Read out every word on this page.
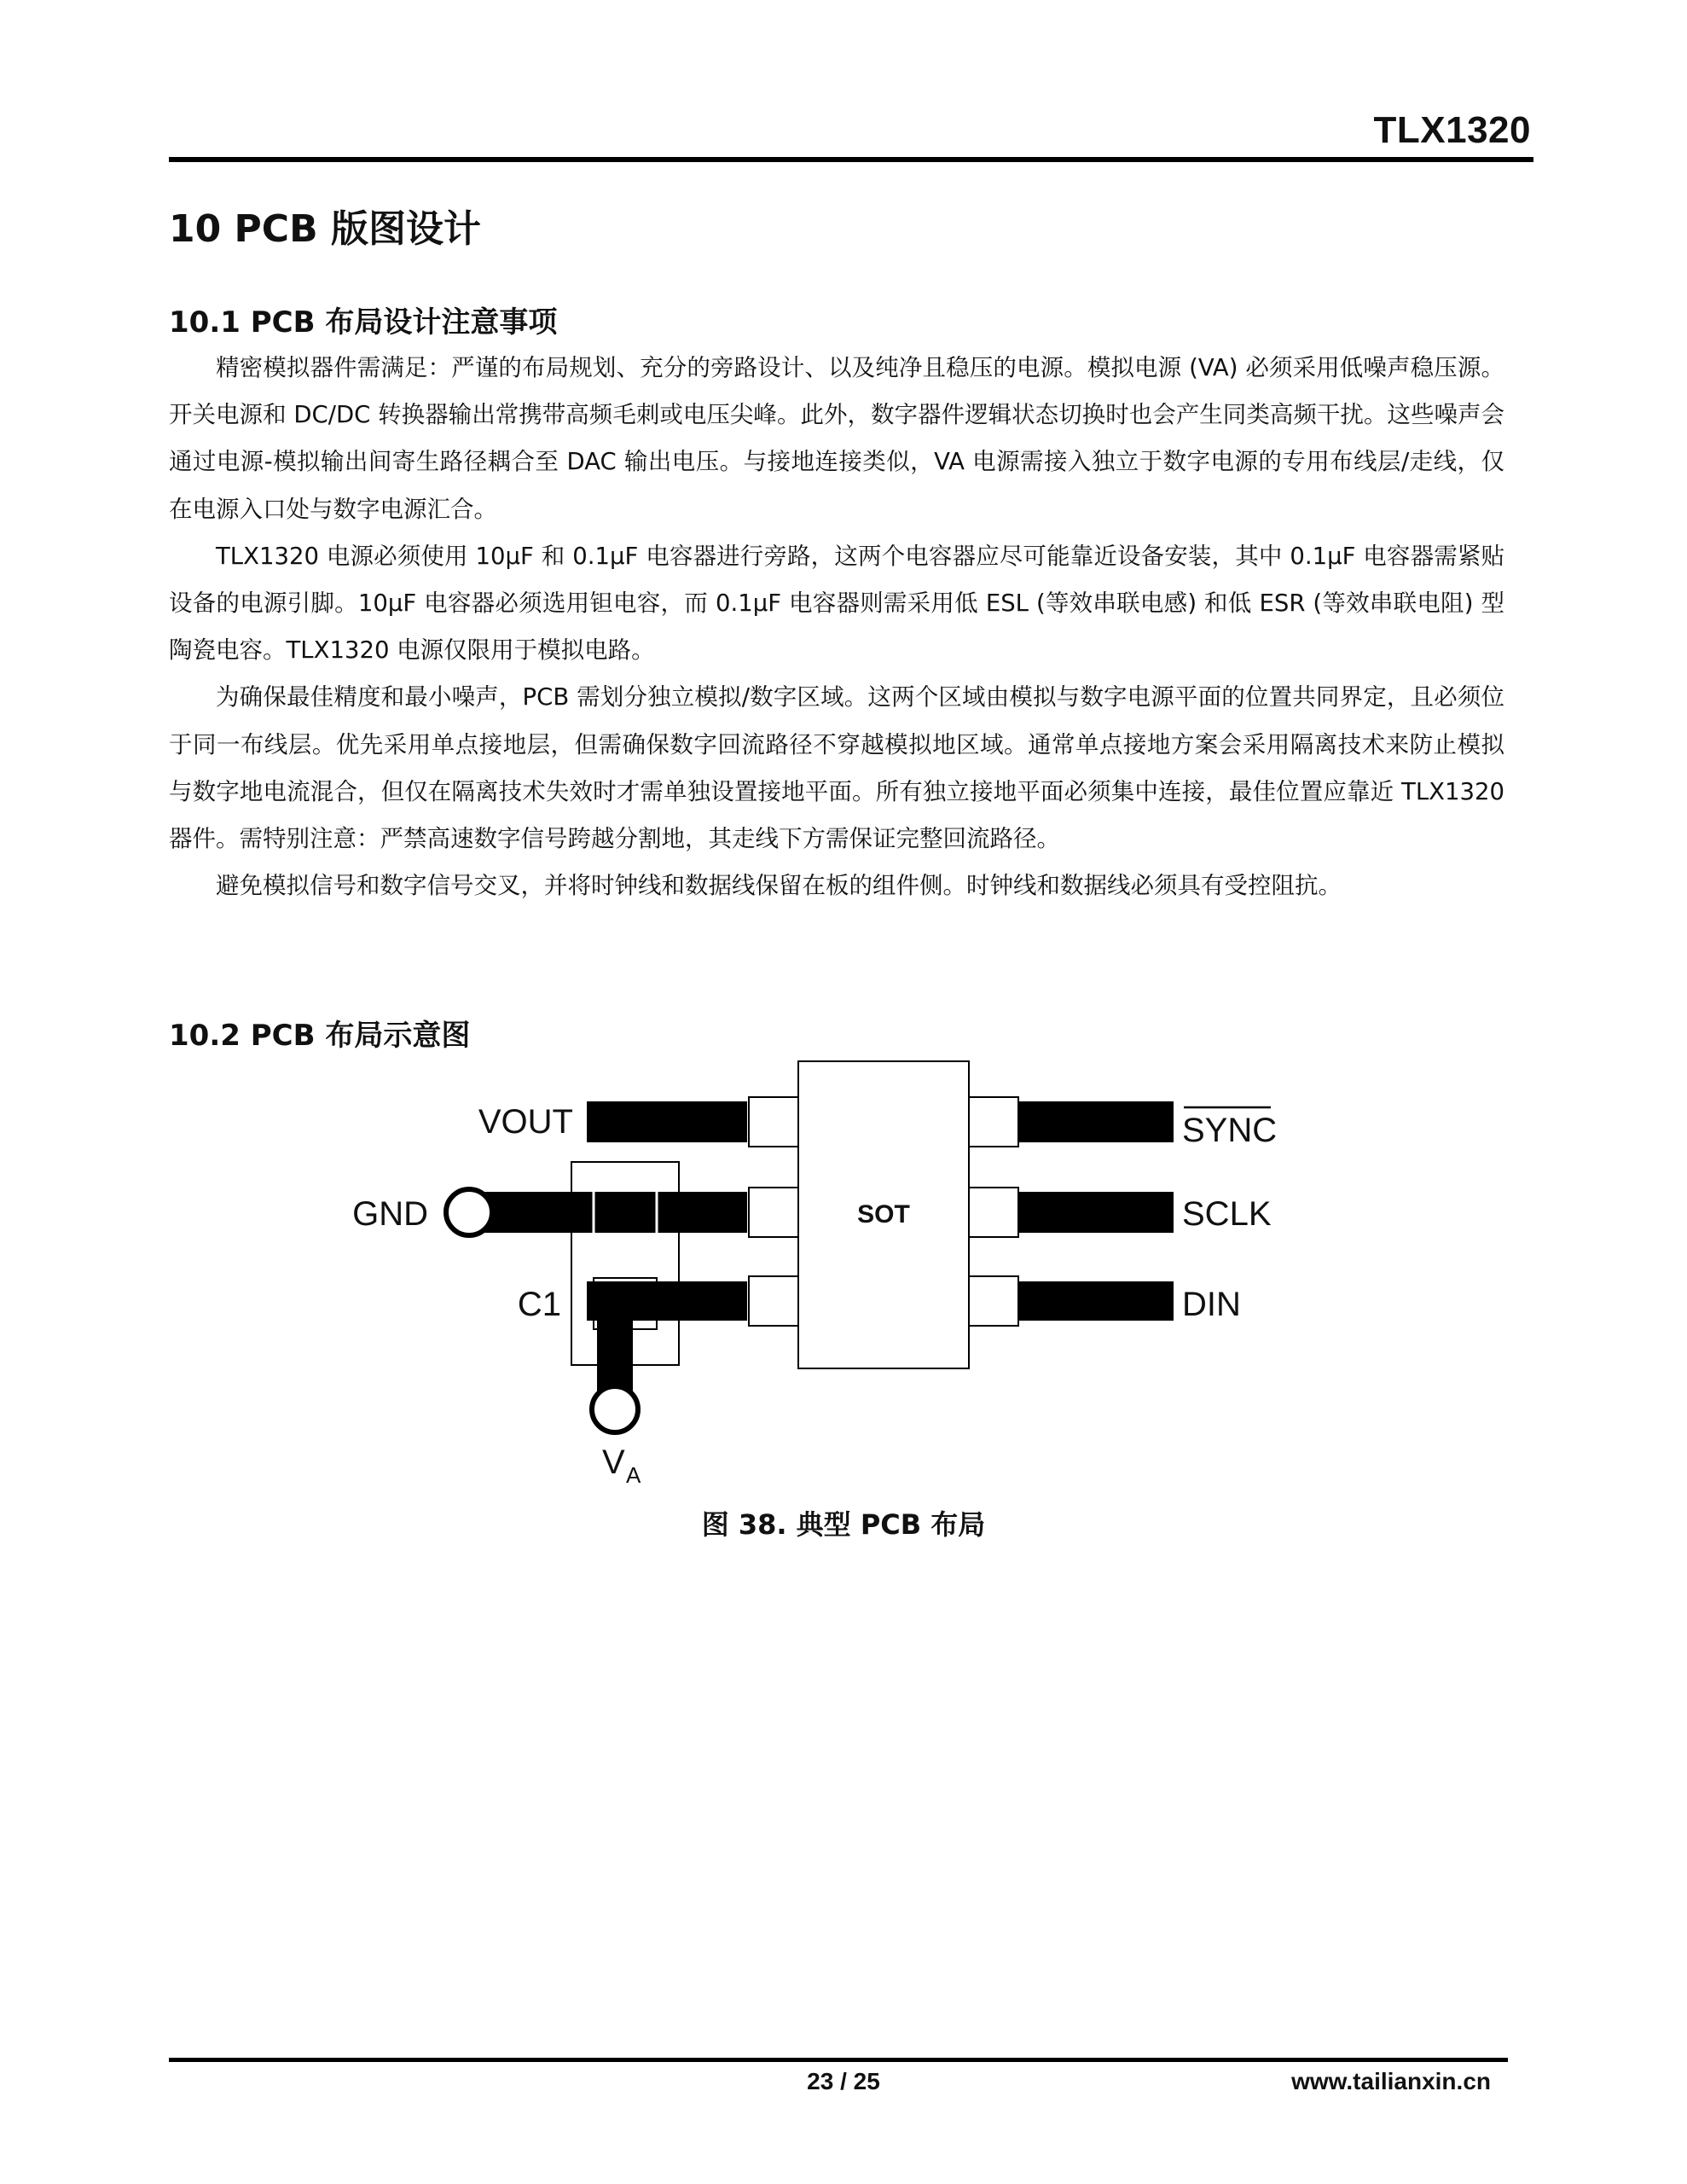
TLX1320
10 PCB 版图设计
10.1 PCB 布局设计注意事项

精密模拟器件需满足：严谨的布局规划、充分的旁路设计、以及纯净且稳压的电源。模拟电源 (VA) 必须采用低噪声稳压源。开关电源和 DC/DC 转换器输出常携带高频毛刺或电压尖峰。此外，数字器件逻辑状态切换时也会产生同类高频干扰。这些噪声会通过电源-模拟输出间寄生路径耦合至 DAC 输出电压。与接地连接类似，VA 电源需接入独立于数字电源的专用布线层/走线，仅在电源入口处与数字电源汇合。

TLX1320 电源必须使用 10μF 和 0.1μF 电容器进行旁路，这两个电容器应尽可能靠近设备安装，其中 0.1μF 电容器需紧贴设备的电源引脚。10μF 电容器必须选用钽电容，而 0.1μF 电容器则需采用低 ESL (等效串联电感) 和低 ESR (等效串联电阻) 型陶瓷电容。TLX1320 电源仅限用于模拟电路。

为确保最佳精度和最小噪声，PCB 需划分独立模拟/数字区域。这两个区域由模拟与数字电源平面的位置共同界定，且必须位于同一布线层。优先采用单点接地层，但需确保数字回流路径不穿越模拟地区域。通常单点接地方案会采用隔离技术来防止模拟与数字地电流混合，但仅在隔离技术失效时才需单独设置接地平面。所有独立接地平面必须集中连接，最佳位置应靠近 TLX1320 器件。需特别注意：严禁高速数字信号跨越分割地，其走线下方需保证完整回流路径。

避免模拟信号和数字信号交叉，并将时钟线和数据线保留在板的组件侧。时钟线和数据线必须具有受控阻抗。

10.2 PCB 布局示意图
SOT
VOUT
GND
C1
SYNC
SCLK
DIN
V A
图 38. 典型 PCB 布局
23 / 25	www.tailianxin.cn
